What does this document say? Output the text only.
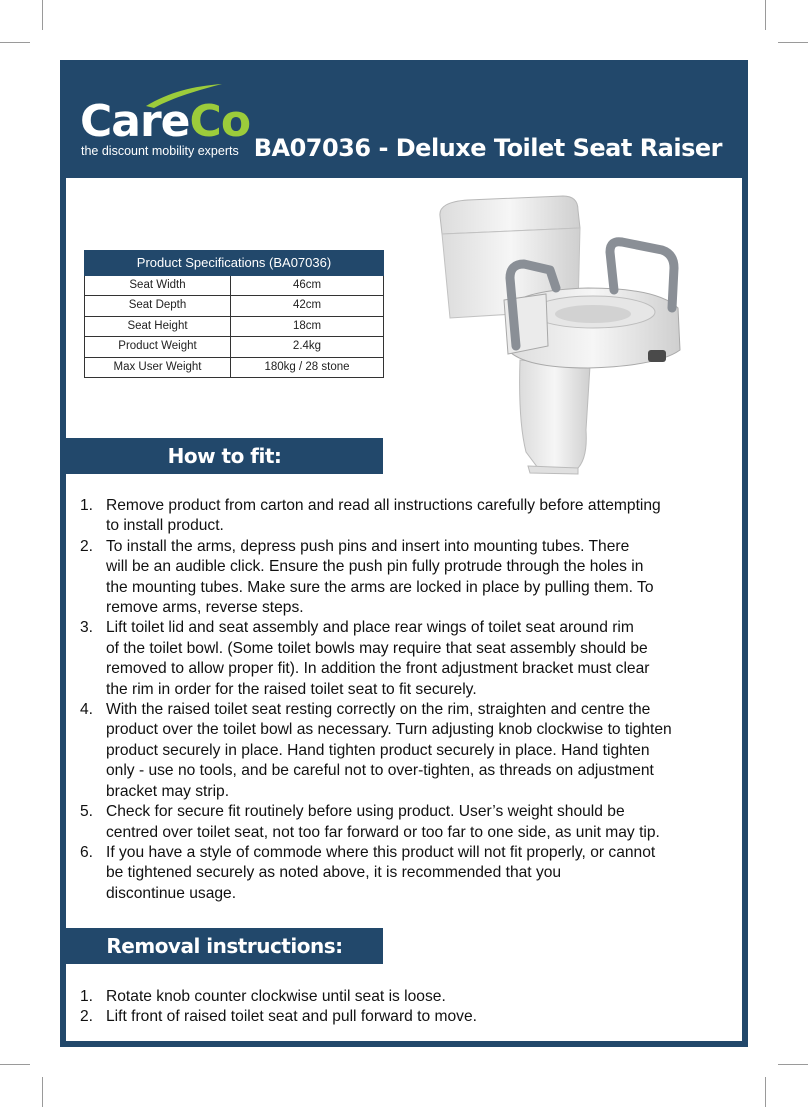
CareCo
the discount mobility experts BA07036 - Deluxe Toilet Seat Raiser
Product Specifications (BA07036)
Seat Width	46cm
Seat Depth	42cm
Seat Height	18cm
Product Weight	2.4kg
Max User Weight	180kg / 28 stone
How to fit:
1. Remove product from carton and read all instructions carefully before attempting
to install product.
2. To install the arms, depress push pins and insert into mounting tubes. There
will be an audible click. Ensure the push pin fully protrude through the holes in
the mounting tubes. Make sure the arms are locked in place by pulling them. To
remove arms, reverse steps.
3. Lift toilet lid and seat assembly and place rear wings of toilet seat around rim
of the toilet bowl. (Some toilet bowls may require that seat assembly should be
removed to allow proper fit). In addition the front adjustment bracket must clear
the rim in order for the raised toilet seat to fit securely.
4. With the raised toilet seat resting correctly on the rim, straighten and centre the
product over the toilet bowl as necessary. Turn adjusting knob clockwise to tighten
product securely in place. Hand tighten product securely in place. Hand tighten
only - use no tools, and be careful not to over-tighten, as threads on adjustment
bracket may strip.
5. Check for secure fit routinely before using product. User’s weight should be
centred over toilet seat, not too far forward or too far to one side, as unit may tip.
6. If you have a style of commode where this product will not fit properly, or cannot
be tightened securely as noted above, it is recommended that you
discontinue usage.
Removal instructions:
1. Rotate knob counter clockwise until seat is loose.
2. Lift front of raised toilet seat and pull forward to move.
